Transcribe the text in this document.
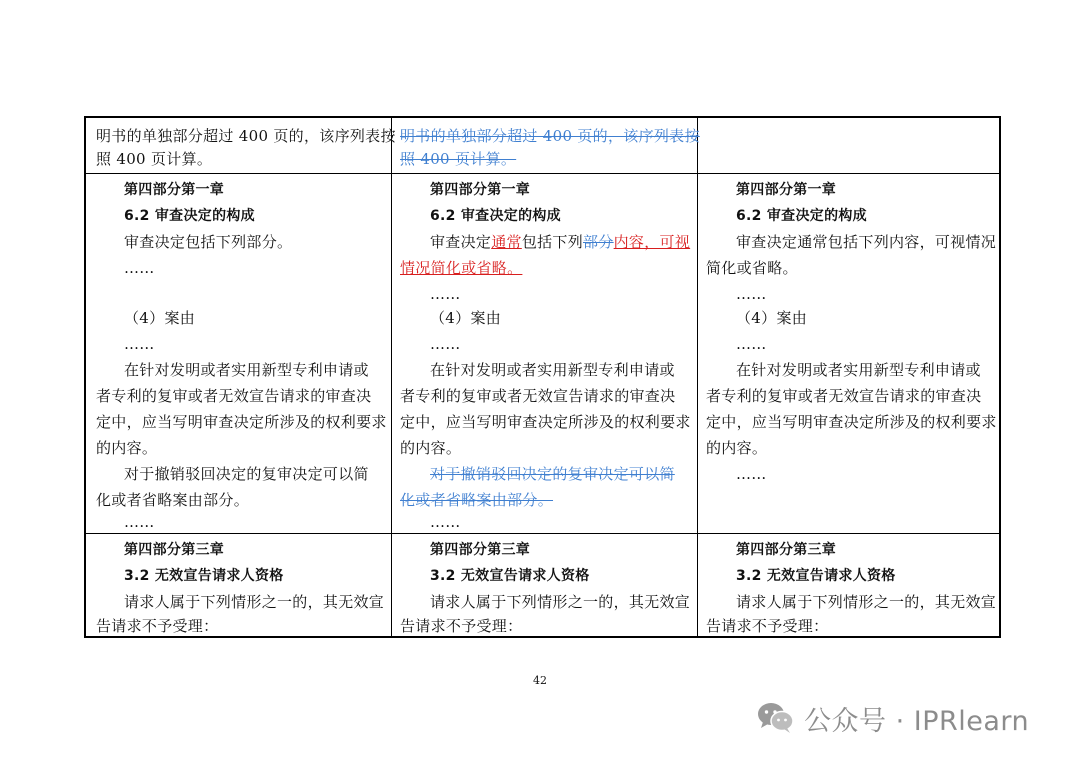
明书的单独部分超过 400 页的，该序列表按
照 400 页计算。
明书的单独部分超过 400 页的，该序列表按
照 400 页计算。
第四部分第一章
6.2 审查决定的构成
审查决定包括下列部分。
……
（4）案由
……
在针对发明或者实用新型专利申请或
者专利的复审或者无效宣告请求的审查决
定中，应当写明审查决定所涉及的权利要求
的内容。
对于撤销驳回决定的复审决定可以简
化或者省略案由部分。
……
第四部分第一章
6.2 审查决定的构成
审查决定通常包括下列部分内容，可视
情况简化或省略。
……
（4）案由
……
在针对发明或者实用新型专利申请或
者专利的复审或者无效宣告请求的审查决
定中，应当写明审查决定所涉及的权利要求
的内容。
对于撤销驳回决定的复审决定可以简
化或者省略案由部分。
……
第四部分第一章
6.2 审查决定的构成
审查决定通常包括下列内容，可视情况
简化或省略。
……
（4）案由
……
在针对发明或者实用新型专利申请或
者专利的复审或者无效宣告请求的审查决
定中，应当写明审查决定所涉及的权利要求
的内容。
……
第四部分第三章
3.2 无效宣告请求人资格
请求人属于下列情形之一的，其无效宣
告请求不予受理：
第四部分第三章
3.2 无效宣告请求人资格
请求人属于下列情形之一的，其无效宣
告请求不予受理：
第四部分第三章
3.2 无效宣告请求人资格
请求人属于下列情形之一的，其无效宣
告请求不予受理：
42
公众号 · IPRlearn
